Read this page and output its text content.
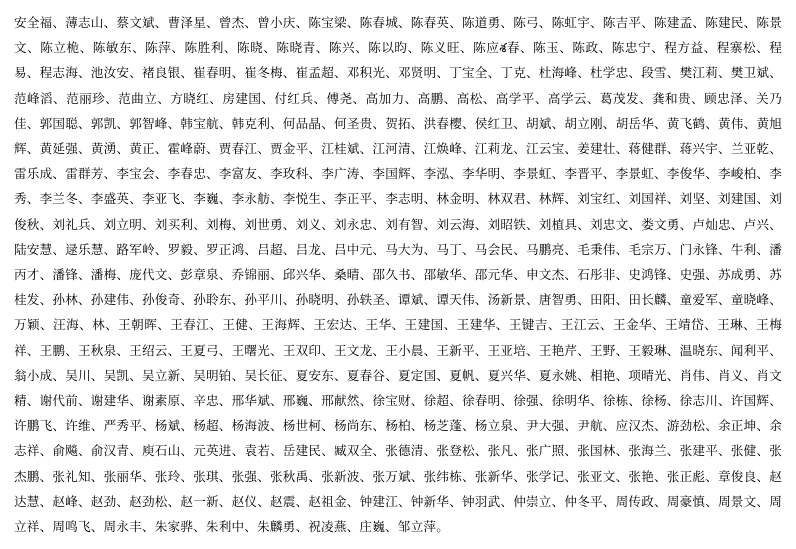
安全福、薄志山、蔡文斌、曹泽星、曾杰、曾小庆、陈宝梁、陈春城、陈春英、陈道勇、陈弓、陈虹宇、陈吉平、陈建孟、陈建民、陈景文、陈立桅、陈敏东、陈萍、陈胜利、陈晓、陈晓青、陈兴、陈以昀、陈义旺、陈应శ春、陈玉、陈政、陈忠宁、程方益、程寨松、程易、程志海、池汝安、褚良银、崔春明、崔冬梅、崔孟超、邓积光、邓贤明、丁宝全、丁克、杜海峰、杜学忠、段雪、樊江莉、樊卫斌、范峰滔、范丽珍、范曲立、方晓红、房建国、付红兵、傅尧、高加力、高鹏、高松、高学平、高学云、葛茂发、龚和贵、顾忠泽、关乃佳、郭国聪、郭凯、郭智峰、韩宝航、韩克利、何品晶、何圣贵、贺拓、洪春樱、侯红卫、胡斌、胡立刚、胡岳华、黄飞鹤、黄伟、黄旭辉、黄延强、黄湧、黄正、霍峰蔚、贾春江、贾金平、江桂斌、江河清、江焕峰、江莉龙、江云宝、姜建壮、蒋健群、蒋兴宇、兰亚乾、雷乐成、雷群芳、李宝会、李春忠、李富友、李玫科、李广涛、李国辉、李泓、李华明、李景虹、李晋平、李景虹、李俊华、李峻柏、李秀、李兰冬、李盛英、李亚飞、李巍、李永舫、李悦生、李正平、李志明、林金明、林双君、林辉、刘宝红、刘国祥、刘坚、刘建国、刘俊秋、刘礼兵、刘立明、刘买利、刘梅、刘世勇、刘义、刘永忠、刘有智、刘云海、刘昭铁、刘植具、刘忠文、娄文勇、卢灿忠、卢兴、陆安慧、逯乐慧、路军岭、罗毅、罗正鸿、吕超、吕龙、吕中元、马大为、马丁、马会民、马鹏亮、毛秉伟、毛宗万、门永锋、牛利、潘丙才、潘锋、潘梅、庞代文、彭章泉、乔锦丽、邱兴华、桑晴、邵久书、邵敏华、邵元华、申文杰、石彤非、史鸿锋、史强、苏成勇、苏桂发、孙林、孙建伟、孙俊奇、孙聆东、孙平川、孙晓明、孙轶圣、谭斌、谭天伟、汤新景、唐智勇、田阳、田长麟、童爱军、童晓峰、万颖、汪海、林、王朝晖、王春江、王健、王海辉、王宏达、王华、王建国、王建华、王键吉、王江云、王金华、王靖岱、王琳、王梅祥、王鹏、王秋泉、王绍云、王夏弓、王曙光、王双印、王文龙、王小晨、王新平、王亚培、王艳芹、王野、王毅琳、温晓东、闻利平、翁小成、吴川、吴凯、吴立新、吴明铂、吴长征、夏安东、夏春谷、夏定国、夏帆、夏兴华、夏永姚、相艳、项晴光、肖伟、肖义、肖文精、谢代前、谢建华、谢素原、辛忠、邢华斌、邢巍、邢献然、徐宝财、徐超、徐春明、徐强、徐明华、徐栋、徐杨、徐志川、许国辉、许鹏飞、许维、严秀平、杨斌、杨超、杨海波、杨世柯、杨尚东、杨柏、杨芝蓬、杨立泉、尹大强、尹航、应汉杰、游劲松、余正坤、余志祥、俞飚、俞汉青、庾石山、元英进、袁若、岳建民、臧双全、张德清、张登松、张凡、张广照、张国林、张海兰、张建平、张健、张杰鹏、张礼知、张丽华、张玲、张琪、张强、张秋禹、张新波、张万斌、张纬栋、张新华、张学记、张亚文、张艳、张正彪、章俊良、赵达慧、赵峰、赵劲、赵劲松、赵一新、赵仪、赵震、赵祖金、钟建江、钟新华、钟羽武、仲崇立、仲冬平、周传政、周豪慎、周景文、周立祥、周鸣飞、周永丰、朱家骅、朱利中、朱麟勇、祝凌燕、庄巍、邹立萍。
